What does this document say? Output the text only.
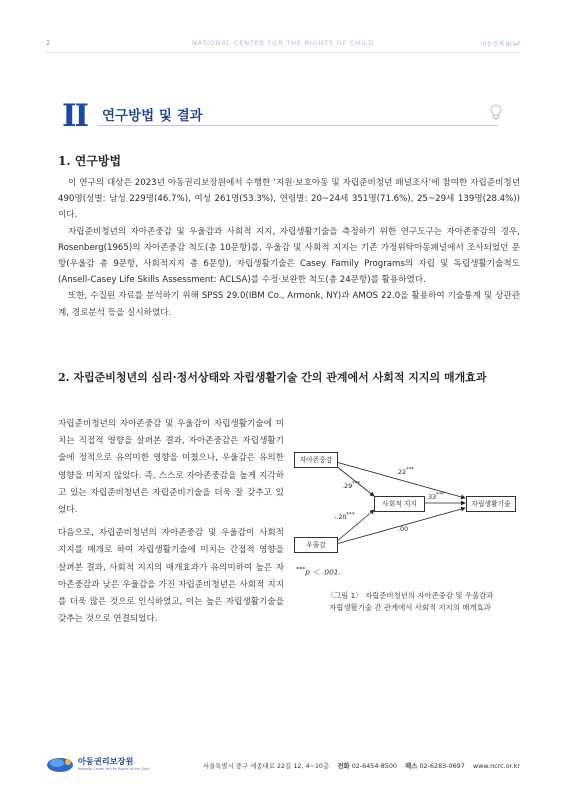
2	NATIONAL CENTER FOR THE RIGHTS OF CHILD	아동정책 Brief
II 연구방법 및 결과
1. 연구방법
이 연구의 대상은 2023년 아동권리보장원에서 수행한 ‘지원·보호아동 및 자립준비청년 패널조사’에 참여한 자립준비청년 490명(성별: 남성 229명(46.7%), 여성 261명(53.3%), 연령별: 20~24세 351명(71.6%), 25~29세 139명(28.4%))이다.
자립준비청년의 자아존중감 및 우울감과 사회적 지지, 자립생활기술을 측정하기 위한 연구도구는 자아존중감의 경우, Rosenberg(1965)의 자아존중감 척도(총 10문항)를, 우울감 및 사회적 지지는 기존 가정위탁아동패널에서 조사되었던 문항(우울감 총 9문항, 사회적지지 총 6문항), 자립생활기술은 Casey Family Programs의 자립 및 독립생활기술척도(Ansell-Casey Life Skills Assessment: ACLSA)를 수정·보완한 척도(총 24문항)를 활용하였다.
또한, 수집된 자료를 분석하기 위해 SPSS 29.0(IBM Co., Armonk, NY)과 AMOS 22.0을 활용하여 기술통계 및 상관관계, 경로분석 등을 실시하였다.
2. 자립준비청년의 심리·정서상태와 자립생활기술 간의 관계에서 사회적 지지의 매개효과
자립준비청년의 자아존중감 및 우울감이 자립생활기술에 미치는 직접적 영향을 살펴본 결과, 자아존중감은 자립생활기술에 정적으로 유의미한 영향을 미쳤으나, 우울감은 유의한 영향을 미치지 않았다. 즉, 스스로 자아존중감을 높게 지각하고 있는 자립준비청년은 자립준비기술을 더욱 잘 갖추고 있었다.
다음으로, 자립준비청년의 자아존중감 및 우울감이 사회적 지지를 매개로 하여 자립생활기술에 미치는 간접적 영향을 살펴본 결과, 사회적 지지의 매개효과가 유의미하여 높은 자아존중감과 낮은 우울감을 가진 자립준비청년은 사회적 지지를 더욱 많은 것으로 인식하였고, 이는 높은 자립생활기술을 갖추는 것으로 연결되었다.
자아존중감
우울감
사회적 지지	자립생활기술
.22***
.29***
-.20***
.33***
.00
***p ＜ .001.
〈그림 1〉 자립준비청년의 자아존중감 및 우울감과
자립생활기술 간 관계에서 사회적 지지의 매개효과
아동권리보장원
National Center for the Rights of the Child	서울특별시 중구 세종대로 22길 12, 4~10층 전화 02-6454-8500 팩스 02-6283-0697 www.ncrc.or.kr
